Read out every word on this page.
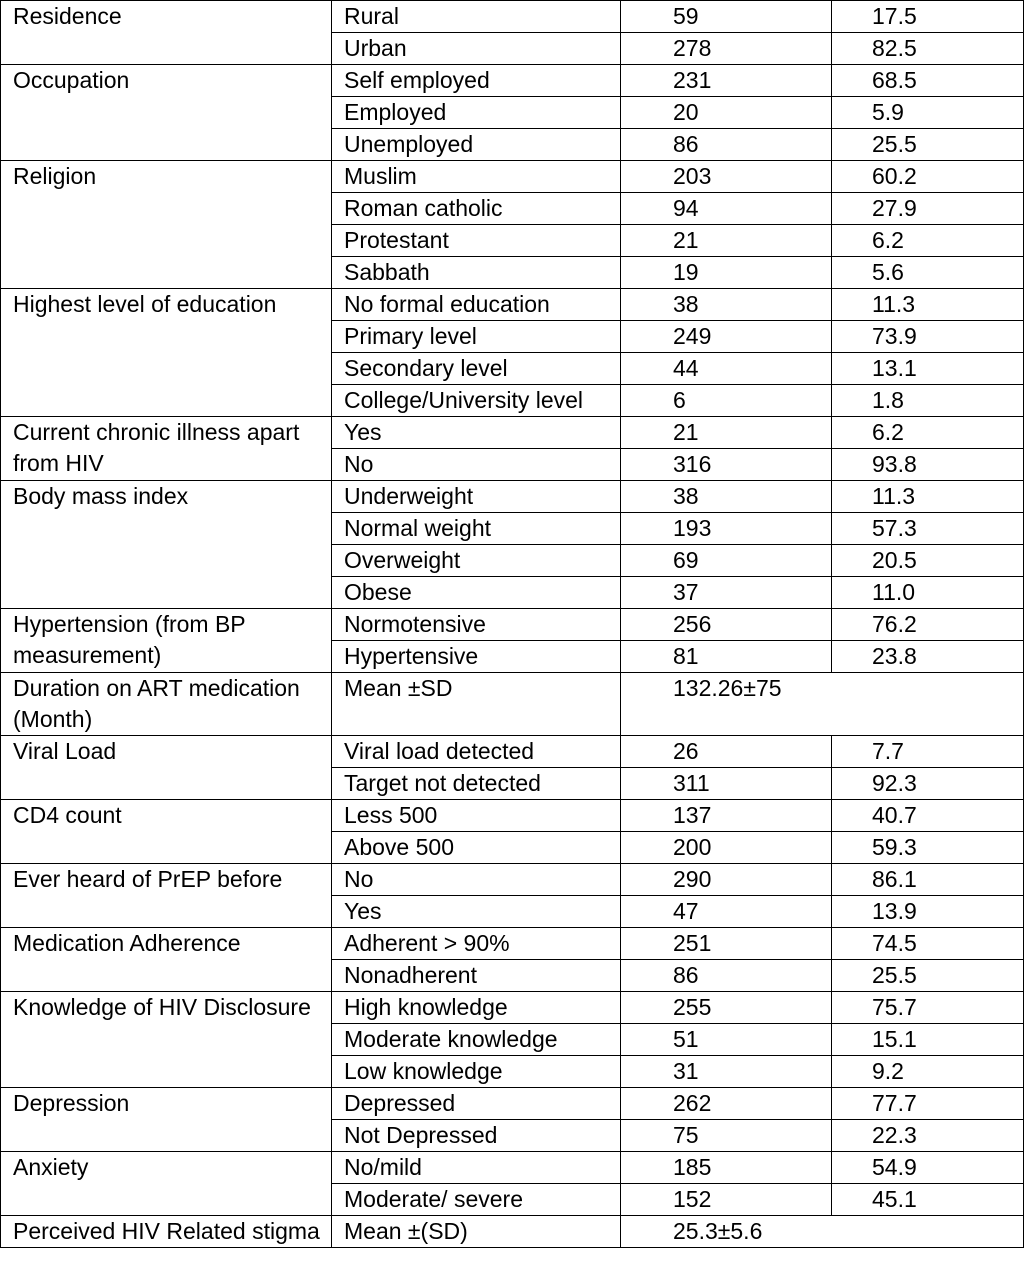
Residence	Rural	59	17.5
	Urban	278	82.5
Occupation	Self employed	231	68.5
	Employed	20	5.9
	Unemployed	86	25.5
Religion	Muslim	203	60.2
	Roman catholic	94	27.9
	Protestant	21	6.2
	Sabbath	19	5.6
Highest level of education	No formal education	38	11.3
	Primary level	249	73.9
	Secondary level	44	13.1
	College/University level	6	1.8
Current chronic illness apart from HIV	Yes	21	6.2
	No	316	93.8
Body mass index	Underweight	38	11.3
	Normal weight	193	57.3
	Overweight	69	20.5
	Obese	37	11.0
Hypertension (from BP measurement)	Normotensive	256	76.2
	Hypertensive	81	23.8
Duration on ART medication (Month)	Mean ±SD	132.26±75	
Viral Load	Viral load detected	26	7.7
	Target not detected	311	92.3
CD4 count	Less 500	137	40.7
	Above 500	200	59.3
Ever heard of PrEP before	No	290	86.1
	Yes	47	13.9
Medication Adherence	Adherent > 90%	251	74.5
	Nonadherent	86	25.5
Knowledge of HIV Disclosure	High knowledge	255	75.7
	Moderate knowledge	51	15.1
	Low knowledge	31	9.2
Depression	Depressed	262	77.7
	Not Depressed	75	22.3
Anxiety	No/mild	185	54.9
	Moderate/ severe	152	45.1
Perceived HIV Related stigma	Mean ±(SD)	25.3±5.6	
